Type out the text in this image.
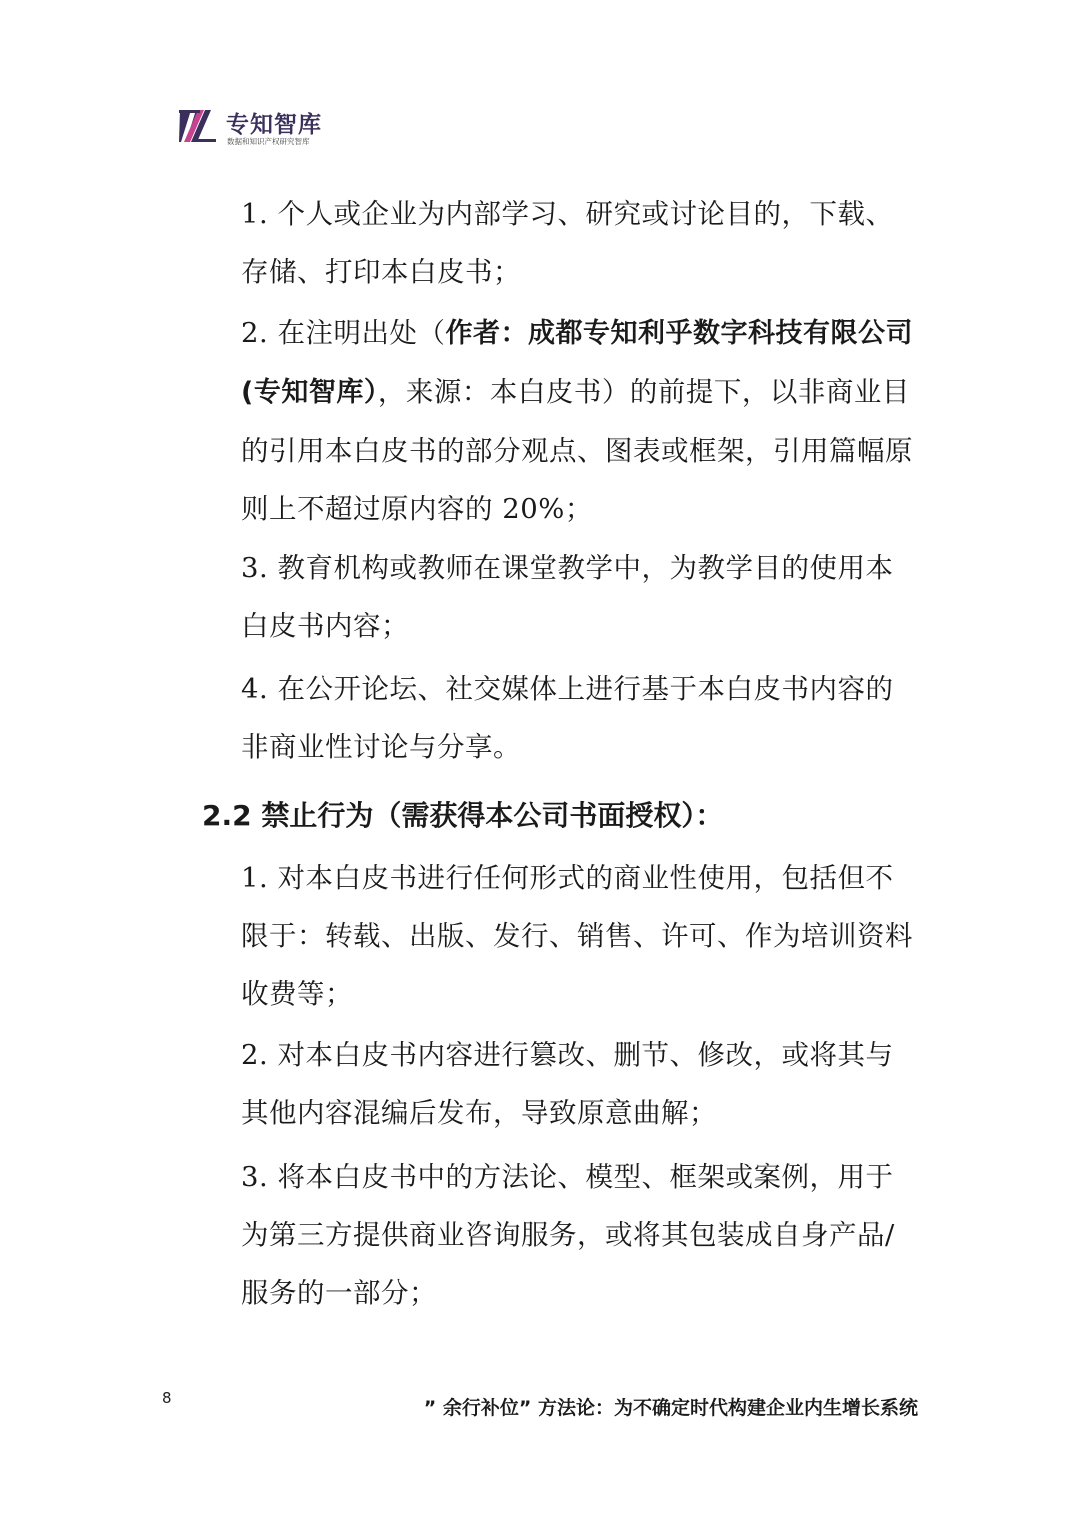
专知智库
数据和知识产权研究智库

1. 个人或企业为内部学习、研究或讨论目的，下载、存储、打印本白皮书；

2. 在注明出处（作者：成都专知利乎数字科技有限公司(专知智库），来源：本白皮书）的前提下，以非商业目的引用本白皮书的部分观点、图表或框架，引用篇幅原则上不超过原内容的 20%；

3. 教育机构或教师在课堂教学中，为教学目的使用本白皮书内容；

4. 在公开论坛、社交媒体上进行基于本白皮书内容的非商业性讨论与分享。

2.2 禁止行为（需获得本公司书面授权）：

1. 对本白皮书进行任何形式的商业性使用，包括但不限于：转载、出版、发行、销售、许可、作为培训资料收费等；

2. 对本白皮书内容进行篡改、删节、修改，或将其与其他内容混编后发布，导致原意曲解；

3. 将本白皮书中的方法论、模型、框架或案例，用于为第三方提供商业咨询服务，或将其包装成自身产品/服务的一部分；

8	” 余行补位” 方法论：为不确定时代构建企业内生增长系统
